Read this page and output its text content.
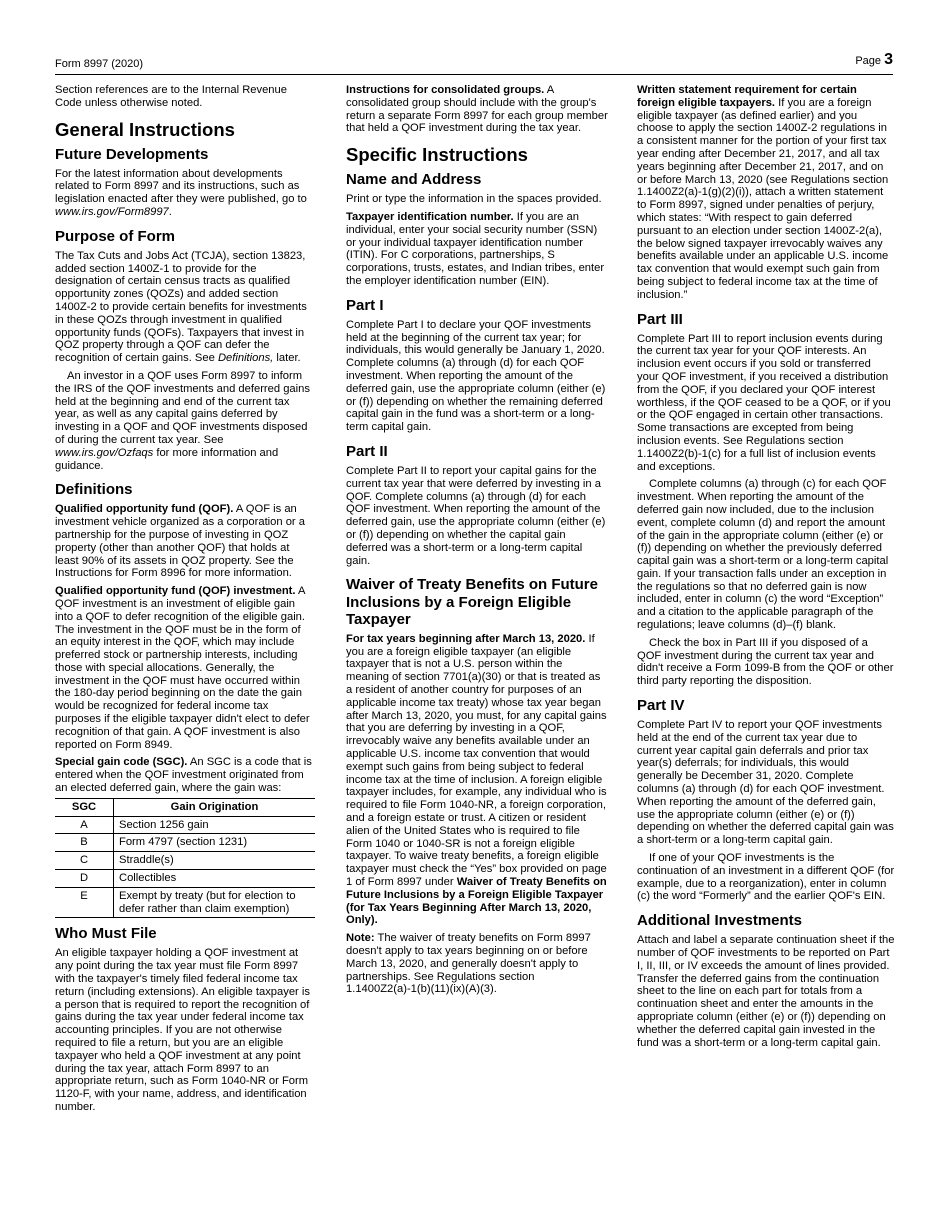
Form 8997 (2020)	Page 3

Section references are to the Internal Revenue Code unless otherwise noted.

General Instructions
Future Developments

For the latest information about developments related to Form 8997 and its instructions, such as legislation enacted after they were published, go to www.irs.gov/Form8997.

Purpose of Form

The Tax Cuts and Jobs Act (TCJA), section 13823, added section 1400Z-1 to provide for the designation of certain census tracts as qualified opportunity zones (QOZs) and added section 1400Z-2 to provide certain benefits for investments in these QOZs through investment in qualified opportunity funds (QOFs). Taxpayers that invest in QOZ property through a QOF can defer the recognition of certain gains. See Definitions, later.

An investor in a QOF uses Form 8997 to inform the IRS of the QOF investments and deferred gains held at the beginning and end of the current tax year, as well as any capital gains deferred by investing in a QOF and QOF investments disposed of during the current tax year. See www.irs.gov/Ozfaqs for more information and guidance.

Definitions

Qualified opportunity fund (QOF). A QOF is an investment vehicle organized as a corporation or a partnership for the purpose of investing in QOZ property (other than another QOF) that holds at least 90% of its assets in QOZ property. See the Instructions for Form 8996 for more information.

Qualified opportunity fund (QOF) investment. A QOF investment is an investment of eligible gain into a QOF to defer recognition of the eligible gain. The investment in the QOF must be in the form of an equity interest in the QOF, which may include preferred stock or partnership interests, including those with special allocations. Generally, the investment in the QOF must have occurred within the 180-day period beginning on the date the gain would be recognized for federal income tax purposes if the eligible taxpayer didn't elect to defer recognition of that gain. A QOF investment is also reported on Form 8949.

Special gain code (SGC). An SGC is a code that is entered when the QOF investment originated from an elected deferred gain, where the gain was:

SGC	Gain Origination
A	Section 1256 gain
B	Form 4797 (section 1231)
C	Straddle(s)
D	Collectibles
E	Exempt by treaty (but for election to defer rather than claim exemption)
Who Must File

An eligible taxpayer holding a QOF investment at any point during the tax year must file Form 8997 with the taxpayer's timely filed federal income tax return (including extensions). An eligible taxpayer is a person that is required to report the recognition of gains during the tax year under federal income tax accounting principles. If you are not otherwise required to file a return, but you are an eligible taxpayer who held a QOF investment at any point during the tax year, attach Form 8997 to an appropriate return, such as Form 1040-NR or Form 1120-F, with your name, address, and identification number.

Instructions for consolidated groups. A consolidated group should include with the group's return a separate Form 8997 for each group member that held a QOF investment during the tax year.

Specific Instructions
Name and Address

Print or type the information in the spaces provided.

Taxpayer identification number. If you are an individual, enter your social security number (SSN) or your individual taxpayer identification number (ITIN). For C corporations, partnerships, S corporations, trusts, estates, and Indian tribes, enter the employer identification number (EIN).

Part I

Complete Part I to declare your QOF investments held at the beginning of the current tax year; for individuals, this would generally be January 1, 2020. Complete columns (a) through (d) for each QOF investment. When reporting the amount of the deferred gain, use the appropriate column (either (e) or (f)) depending on whether the remaining deferred capital gain in the fund was a short-term or a long-term capital gain.

Part II

Complete Part II to report your capital gains for the current tax year that were deferred by investing in a QOF. Complete columns (a) through (d) for each QOF investment. When reporting the amount of the deferred gain, use the appropriate column (either (e) or (f)) depending on whether the capital gain deferred was a short-term or a long-term capital gain.

Waiver of Treaty Benefits on Future Inclusions by a Foreign Eligible Taxpayer

For tax years beginning after March 13, 2020. If you are a foreign eligible taxpayer (an eligible taxpayer that is not a U.S. person within the meaning of section 7701(a)(30) or that is treated as a resident of another country for purposes of an applicable income tax treaty) whose tax year began after March 13, 2020, you must, for any capital gains that you are deferring by investing in a QOF, irrevocably waive any benefits available under an applicable U.S. income tax convention that would exempt such gains from being subject to federal income tax at the time of inclusion. A foreign eligible taxpayer includes, for example, any individual who is required to file Form 1040-NR, a foreign corporation, and a foreign estate or trust. A citizen or resident alien of the United States who is required to file Form 1040 or 1040-SR is not a foreign eligible taxpayer. To waive treaty benefits, a foreign eligible taxpayer must check the “Yes” box provided on page 1 of Form 8997 under Waiver of Treaty Benefits on Future Inclusions by a Foreign Eligible Taxpayer (for Tax Years Beginning After March 13, 2020, Only).

Note: The waiver of treaty benefits on Form 8997 doesn't apply to tax years beginning on or before March 13, 2020, and generally doesn't apply to partnerships. See Regulations section 1.1400Z2(a)-1(b)(11)(ix)(A)(3).

Written statement requirement for certain foreign eligible taxpayers. If you are a foreign eligible taxpayer (as defined earlier) and you choose to apply the section 1400Z-2 regulations in a consistent manner for the portion of your first tax year ending after December 21, 2017, and all tax years beginning after December 21, 2017, and on or before March 13, 2020 (see Regulations section 1.1400Z2(a)-1(g)(2)(i)), attach a written statement to Form 8997, signed under penalties of perjury, which states: “With respect to gain deferred pursuant to an election under section 1400Z-2(a), the below signed taxpayer irrevocably waives any benefits available under an applicable U.S. income tax convention that would exempt such gain from being subject to federal income tax at the time of inclusion.”

Part III

Complete Part III to report inclusion events during the current tax year for your QOF interests. An inclusion event occurs if you sold or transferred your QOF investment, if you received a distribution from the QOF, if you declared your QOF interest worthless, if the QOF ceased to be a QOF, or if you or the QOF engaged in certain other transactions. Some transactions are excepted from being inclusion events. See Regulations section 1.1400Z2(b)-1(c) for a full list of inclusion events and exceptions.

Complete columns (a) through (c) for each QOF investment. When reporting the amount of the deferred gain now included, due to the inclusion event, complete column (d) and report the amount of the gain in the appropriate column (either (e) or (f)) depending on whether the previously deferred capital gain was a short-term or a long-term capital gain. If your transaction falls under an exception in the regulations so that no deferred gain is now included, enter in column (c) the word “Exception” and a citation to the applicable paragraph of the regulations; leave columns (d)–(f) blank.

Check the box in Part III if you disposed of a QOF investment during the current tax year and didn't receive a Form 1099-B from the QOF or other third party reporting the disposition.

Part IV

Complete Part IV to report your QOF investments held at the end of the current tax year due to current year capital gain deferrals and prior tax year(s) deferrals; for individuals, this would generally be December 31, 2020. Complete columns (a) through (d) for each QOF investment. When reporting the amount of the deferred gain, use the appropriate column (either (e) or (f)) depending on whether the deferred capital gain was a short-term or a long-term capital gain.

If one of your QOF investments is the continuation of an investment in a different QOF (for example, due to a reorganization), enter in column (c) the word “Formerly” and the earlier QOF's EIN.

Additional Investments

Attach and label a separate continuation sheet if the number of QOF investments to be reported on Part I, II, III, or IV exceeds the amount of lines provided. Transfer the deferred gains from the continuation sheet to the line on each part for totals from a continuation sheet and enter the amounts in the appropriate column (either (e) or (f)) depending on whether the deferred capital gain invested in the fund was a short-term or a long-term capital gain.
